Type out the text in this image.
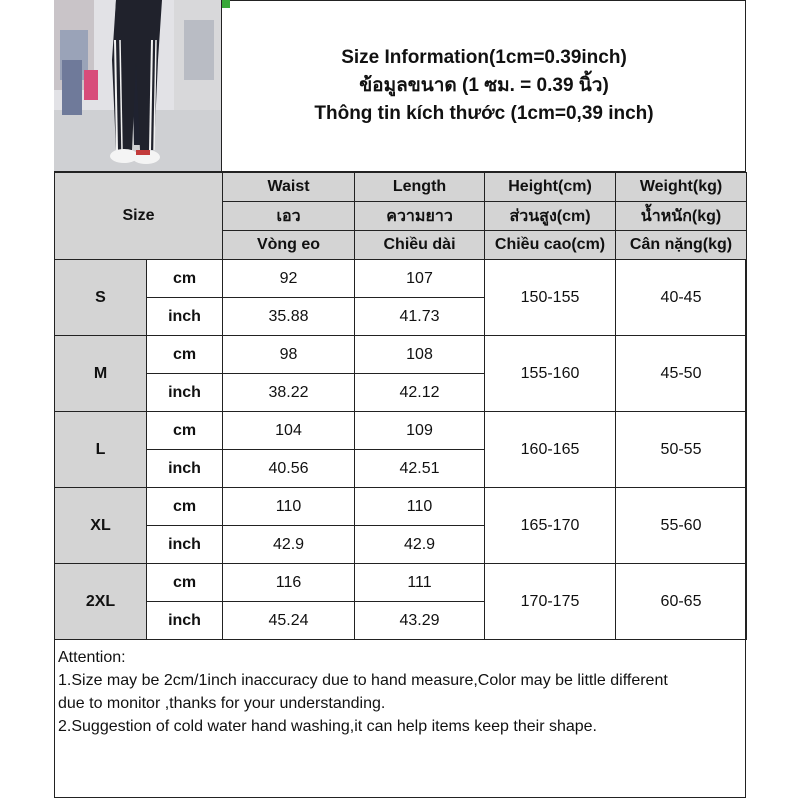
Size Information(1cm=0.39inch)
ข้อมูลขนาด (1 ซม. = 0.39 นิ้ว)
Thông tin kích thước (1cm=0,39 inch)
Size		Waist	Length	Height(cm)	Weight(kg)
		เอว	ความยาว	ส่วนสูง(cm)	น้ำหนัก(kg)
		Vòng eo	Chiều dài	Chiều cao(cm)	Cân nặng(kg)
S	cm	92	107	150-155	40-45
	inch	35.88	41.73		
M	cm	98	108	155-160	45-50
	inch	38.22	42.12		
L	cm	104	109	160-165	50-55
	inch	40.56	42.51		
XL	cm	110	110	165-170	55-60
	inch	42.9	42.9		
2XL	cm	116	111	170-175	60-65
	inch	45.24	43.29		
Attention:
1.Size may be 2cm/1inch inaccuracy due to hand measure,Color may be little different
due to monitor ,thanks for your understanding.
2.Suggestion of cold water hand washing,it can help items keep their shape.
